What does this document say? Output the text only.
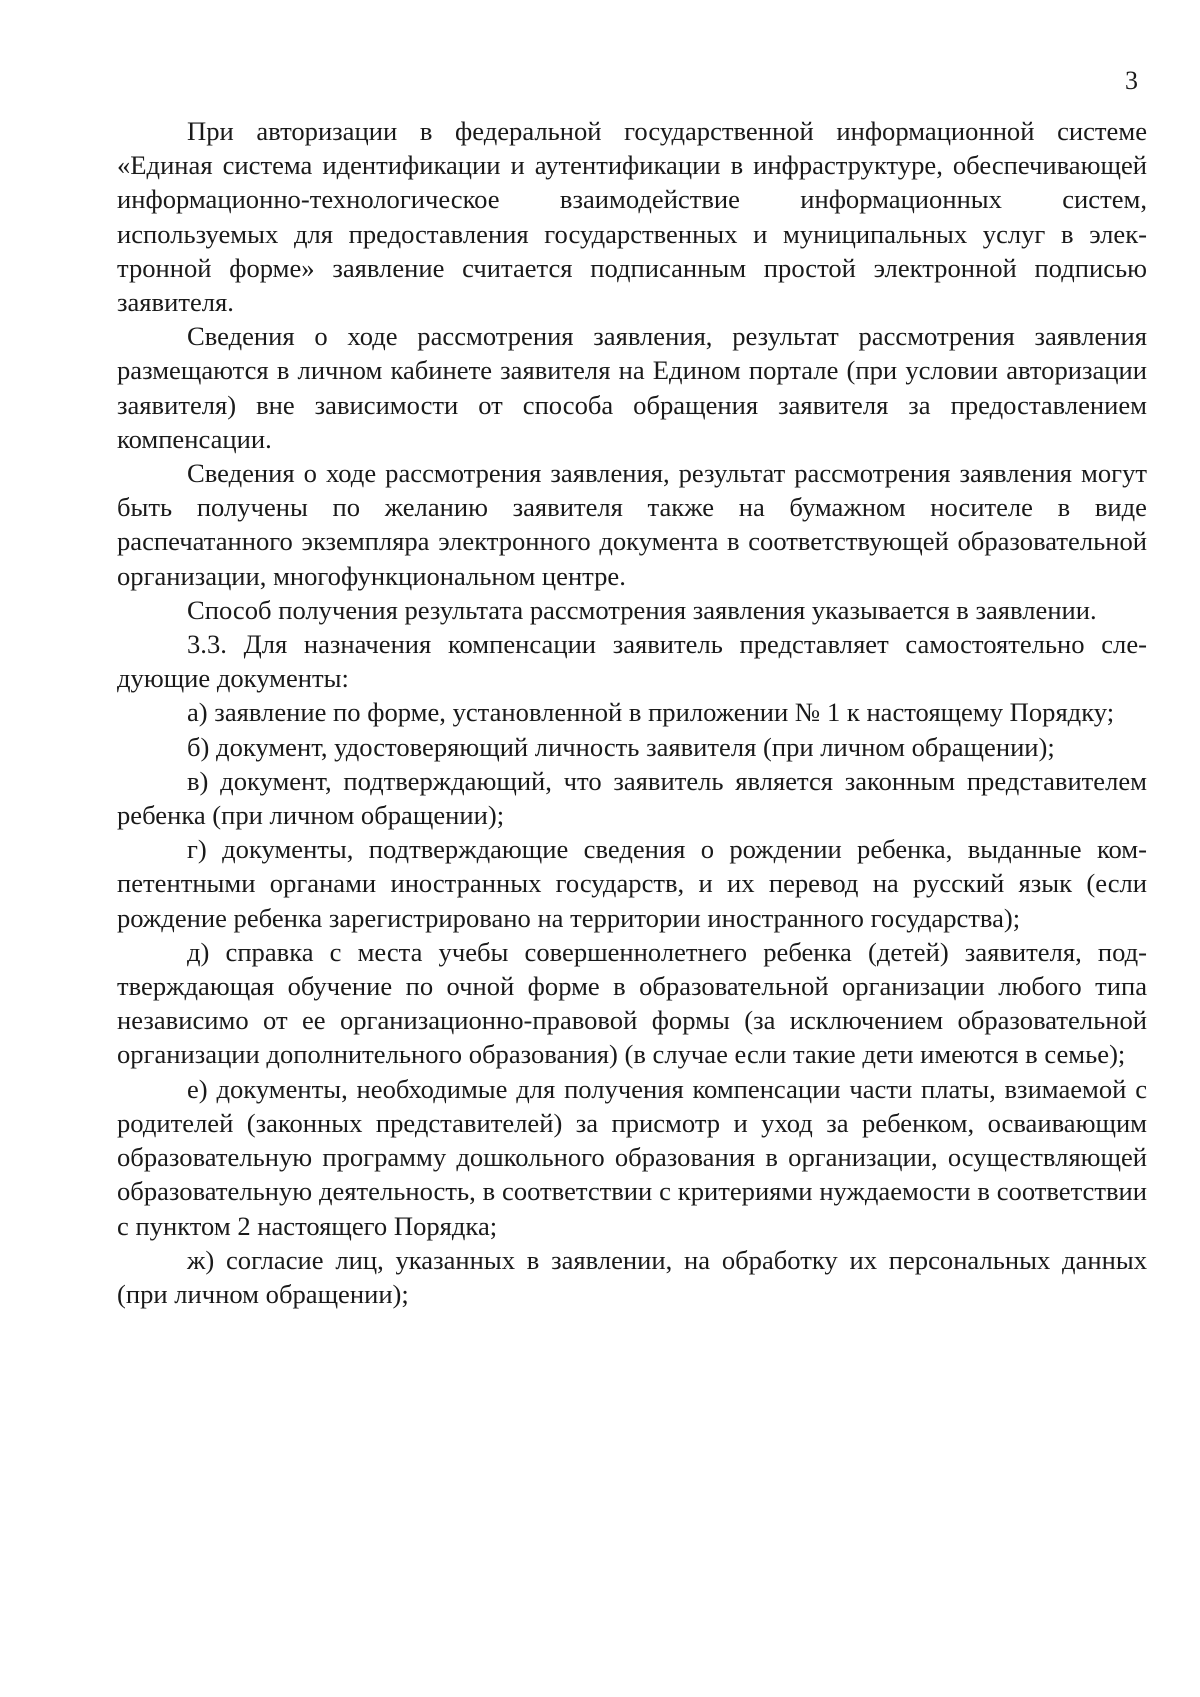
3

При авторизации в федеральной государственной информационной системе «Единая система идентификации и аутентификации в инфраструктуре, обеспечивающей информационно-технологическое взаимодействие информационных систем, используемых для предоставления государственных и муниципальных услуг в электронной форме» заявление считается подписанным простой электронной подписью заявителя.

Сведения о ходе рассмотрения заявления, результат рассмотрения заявления размещаются в личном кабинете заявителя на Едином портале (при условии авторизации заявителя) вне зависимости от способа обращения заявителя за предоставлением компенсации.

Сведения о ходе рассмотрения заявления, результат рассмотрения заявления могут быть получены по желанию заявителя также на бумажном носителе в виде распечатанного экземпляра электронного документа в соответствующей образовательной организации, многофункциональном центре.

Способ получения результата рассмотрения заявления указывается в заявлении.

3.3. Для назначения компенсации заявитель представляет самостоятельно следующие документы:

а) заявление по форме, установленной в приложении № 1 к настоящему Порядку;

б) документ, удостоверяющий личность заявителя (при личном обращении);

в) документ, подтверждающий, что заявитель является законным представителем ребенка (при личном обращении);

г) документы, подтверждающие сведения о рождении ребенка, выданные компетентными органами иностранных государств, и их перевод на русский язык (если рождение ребенка зарегистрировано на территории иностранного государства);

д) справка с места учебы совершеннолетнего ребенка (детей) заявителя, подтверждающая обучение по очной форме в образовательной организации любого типа независимо от ее организационно-правовой формы (за исключением образовательной организации дополнительного образования) (в случае если такие дети имеются в семье);

е) документы, необходимые для получения компенсации части платы, взимаемой с родителей (законных представителей) за присмотр и уход за ребенком, осваивающим образовательную программу дошкольного образования в организации, осуществляющей образовательную деятельность, в соответствии с критериями нуждаемости в соответствии с пунктом 2 настоящего Порядка;

ж) согласие лиц, указанных в заявлении, на обработку их персональных данных (при личном обращении);
